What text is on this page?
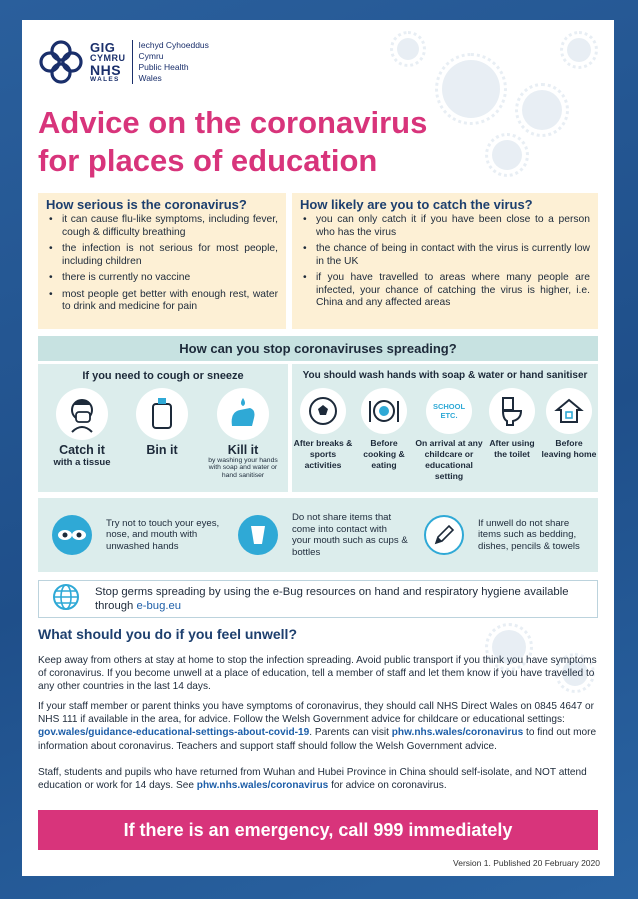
GIG
CYMRU
NHS
WALES
Iechyd Cyhoeddus
Cymru
Public Health
Wales
Advice on the coronavirus
for places of education
How serious is the coronavirus?
• it can cause flu-like symptoms, including fever, cough & difficulty breathing
• the infection is not serious for most people, including children
• there is currently no vaccine
• most people get better with enough rest, water to drink and medicine for pain
How likely are you to catch the virus?
• you can only catch it if you have been close to a person who has the virus
• the chance of being in contact with the virus is currently low in the UK
• if you have travelled to areas where many people are infected, your chance of catching the virus is higher, i.e. China and any affected areas
How can you stop coronaviruses spreading?
If you need to cough or sneeze
Catch it
with a tissue
Bin it	Kill it
by washing your hands with soap and water or hand sanitiser
You should wash hands with soap & water or hand sanitiser
After breaks & sports activities
Before cooking & eating
SCHOOL ETC.
On arrival at any childcare or educational setting
After using the toilet
Before leaving home
Try not to touch your eyes, nose, and mouth with unwashed hands
Do not share items that come into contact with your mouth such as cups & bottles
If unwell do not share items such as bedding, dishes, pencils & towels
Stop germs spreading by using the e-Bug resources on hand and respiratory hygiene available through e-bug.eu
What should you do if you feel unwell?
Keep away from others at stay at home to stop the infection spreading. Avoid public transport if you think you have symptoms of coronavirus. If you become unwell at a place of education, tell a member of staff and let them know if you have travelled to any other countries in the last 14 days.
If your staff member or parent thinks you have symptoms of coronavirus, they should call NHS Direct Wales on 0845 4647 or NHS 111 if available in the area, for advice. Follow the Welsh Government advice for childcare or educational settings: gov.wales/guidance-educational-settings-about-covid-19. Parents can visit phw.nhs.wales/coronavirus to find out more information about coronavirus. Teachers and support staff should follow the Welsh Government advice.
Staff, students and pupils who have returned from Wuhan and Hubei Province in China should self-isolate, and NOT attend education or work for 14 days. See phw.nhs.wales/coronavirus for advice on coronavirus.
If there is an emergency, call 999 immediately
Version 1. Published 20 February 2020
